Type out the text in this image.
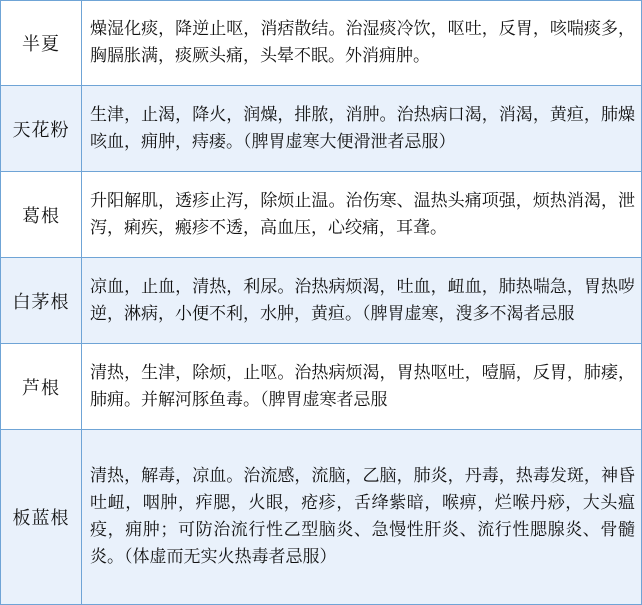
半夏	燥湿化痰，降逆止呕，消痞散结。治湿痰冷饮，呕吐，反胃，咳喘痰多，胸膈胀满，痰厥头痛，头晕不眠。外消痈肿。
天花粉	生津，止渴，降火，润燥，排脓，消肿。治热病口渴，消渴，黄疸，肺燥咳血，痈肿，痔瘘。（脾胃虚寒大便滑泄者忌服）
葛根	升阳解肌，透疹止泻，除烦止温。治伤寒、温热头痛项强，烦热消渴，泄泻，痢疾，瘢疹不透，高血压，心绞痛，耳聋。
白茅根	凉血，止血，清热，利尿。治热病烦渴，吐血，衄血，肺热喘急，胃热哕逆，淋病，小便不利，水肿，黄疸。（脾胃虚寒，溲多不渴者忌服
芦根	清热，生津，除烦，止呕。治热病烦渴，胃热呕吐，噎膈，反胃，肺痿，肺痈。并解河豚鱼毒。（脾胃虚寒者忌服
板蓝根	清热，解毒，凉血。治流感，流脑，乙脑，肺炎，丹毒，热毒发斑，神昏吐衄，咽肿，痄腮，火眼，疮疹，舌绛紫暗，喉痹，烂喉丹痧，大头瘟疫，痈肿；可防治流行性乙型脑炎、急慢性肝炎、流行性腮腺炎、骨髓炎。（体虚而无实火热毒者忌服）
